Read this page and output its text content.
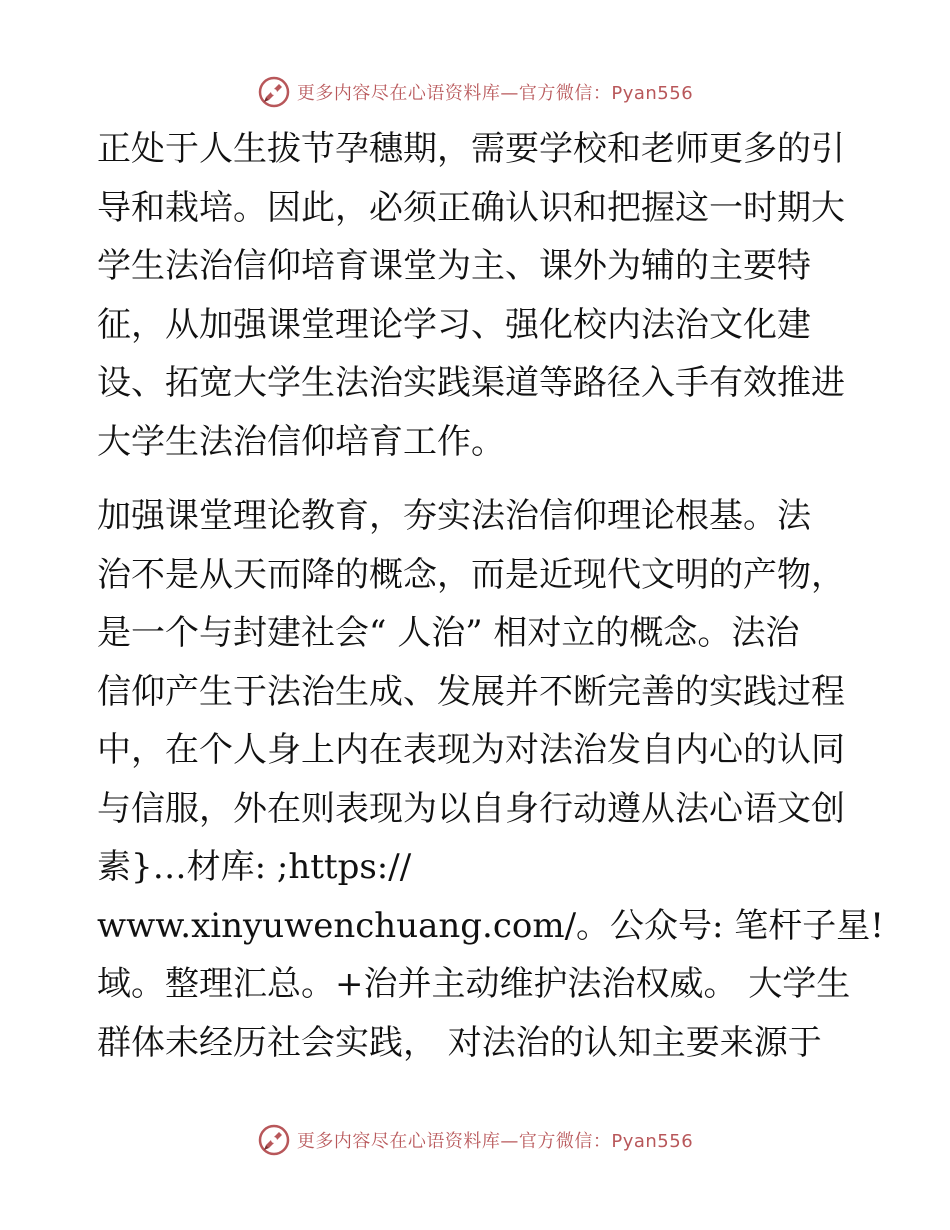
更多内容尽在心语资料库—官方微信：Pyan556
正处于人生拔节孕穗期，需要学校和老师更多的引
导和栽培。因此，必须正确认识和把握这一时期大
学生法治信仰培育课堂为主、课外为辅的主要特
征，从加强课堂理论学习、强化校内法治文化建
设、拓宽大学生法治实践渠道等路径入手有效推进
大学生法治信仰培育工作。
加强课堂理论教育，夯实法治信仰理论根基。法
治不是从天而降的概念，而是近现代文明的产物，
是一个与封建社会“ 人治” 相对立的概念。法治
信仰产生于法治生成、发展并不断完善的实践过程
中，在个人身上内在表现为对法治发自内心的认同
与信服，外在则表现为以自身行动遵从法心语文创
素}…材库: ;https://
www.xinyuwenchuang.com/。公众号: 笔杆子星!
域。整理汇总。+治并主动维护法治权威。 大学生
群体未经历社会实践， 对法治的认知主要来源于
更多内容尽在心语资料库—官方微信：Pyan556
